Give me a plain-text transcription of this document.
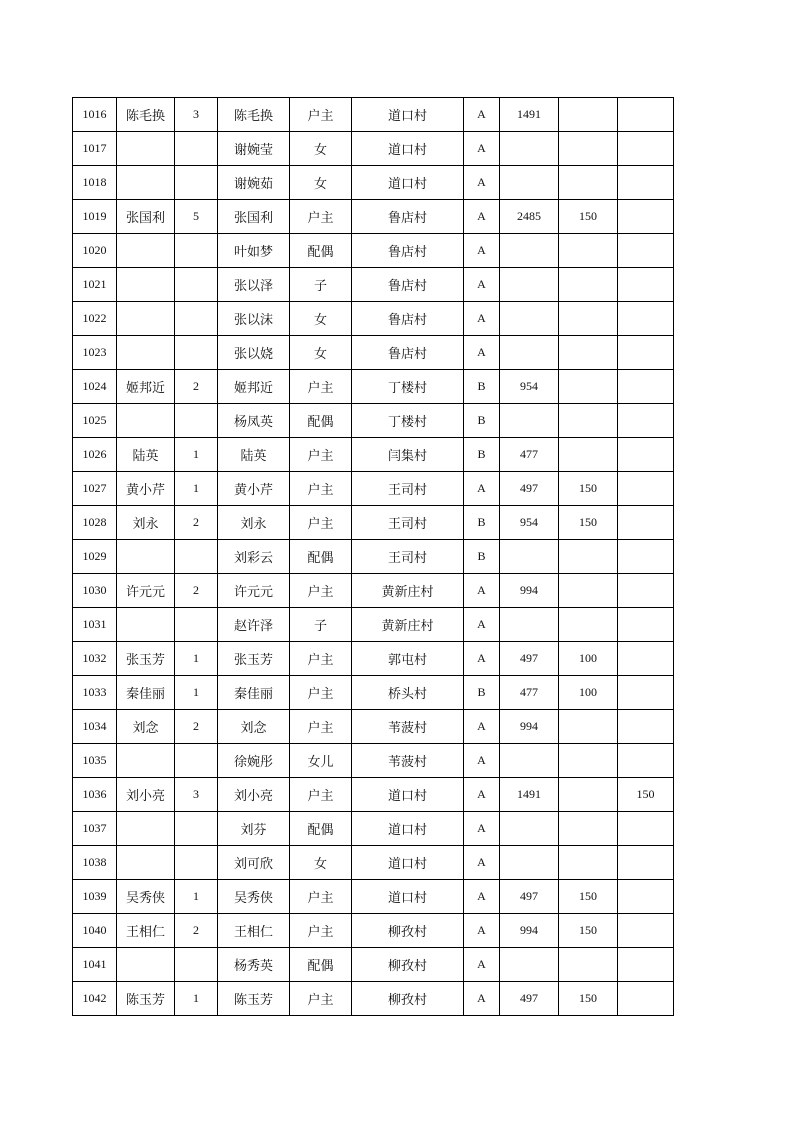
1016	陈毛换	3	陈毛换	户主	道口村	A	1491		
1017			谢婉莹	女	道口村	A			
1018			谢婉茹	女	道口村	A			
1019	张国利	5	张国利	户主	鲁店村	A	2485	150	
1020			叶如梦	配偶	鲁店村	A			
1021			张以泽	子	鲁店村	A			
1022			张以沫	女	鲁店村	A			
1023			张以娆	女	鲁店村	A			
1024	姬邦近	2	姬邦近	户主	丁楼村	B	954		
1025			杨凤英	配偶	丁楼村	B			
1026	陆英	1	陆英	户主	闫集村	B	477		
1027	黄小芹	1	黄小芹	户主	王司村	A	497	150	
1028	刘永	2	刘永	户主	王司村	B	954	150	
1029			刘彩云	配偶	王司村	B			
1030	许元元	2	许元元	户主	黄新庄村	A	994		
1031			赵许泽	子	黄新庄村	A			
1032	张玉芳	1	张玉芳	户主	郭屯村	A	497	100	
1033	秦佳丽	1	秦佳丽	户主	桥头村	B	477	100	
1034	刘念	2	刘念	户主	苇菠村	A	994		
1035			徐婉彤	女儿	苇菠村	A			
1036	刘小亮	3	刘小亮	户主	道口村	A	1491		150
1037			刘芬	配偶	道口村	A			
1038			刘可欣	女	道口村	A			
1039	吴秀侠	1	吴秀侠	户主	道口村	A	497	150	
1040	王相仁	2	王相仁	户主	柳孜村	A	994	150	
1041			杨秀英	配偶	柳孜村	A			
1042	陈玉芳	1	陈玉芳	户主	柳孜村	A	497	150	
